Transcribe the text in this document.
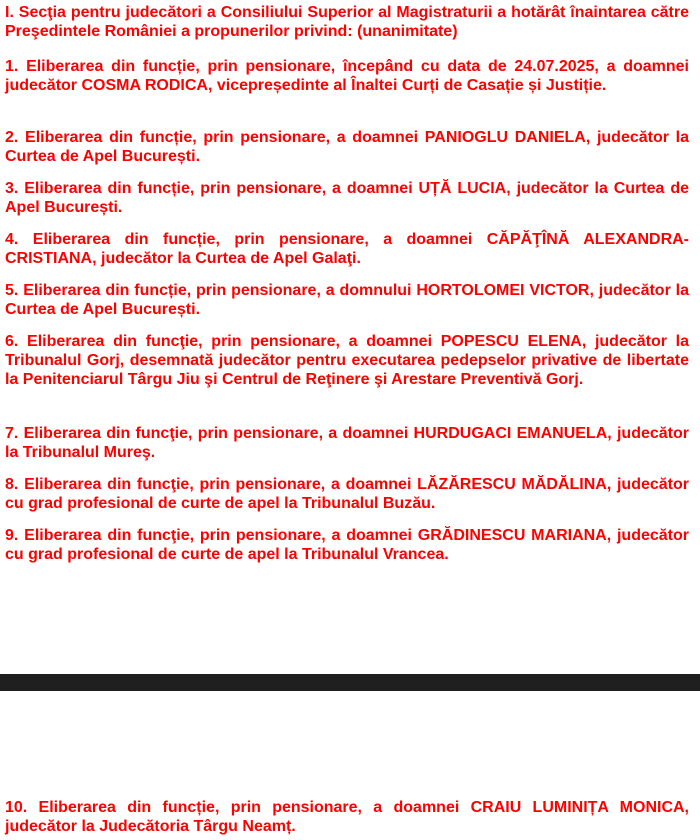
I. Secţia pentru judecători a Consiliului Superior al Magistraturii a hotărât înaintarea către Preşedintele României a propunerilor privind: (unanimitate)

1. Eliberarea din funcție, prin pensionare, începând cu data de 24.07.2025, a doamnei judecător COSMA RODICA, vicepreședinte al Înaltei Curți de Casație și Justiție.

2. Eliberarea din funcție, prin pensionare, a doamnei PANIOGLU DANIELA, judecător la Curtea de Apel București.

3. Eliberarea din funcție, prin pensionare, a doamnei UȚĂ LUCIA, judecător la Curtea de Apel București.

4. Eliberarea din funcție, prin pensionare, a doamnei CĂPĂŢÎNĂ ALEXANDRA-CRISTIANA, judecător la Curtea de Apel Galaţi.

5. Eliberarea din funcție, prin pensionare, a domnului HORTOLOMEI VICTOR, judecător la Curtea de Apel București.

6. Eliberarea din funcţie, prin pensionare, a doamnei POPESCU ELENA, judecător la Tribunalul Gorj, desemnată judecător pentru executarea pedepselor privative de libertate la Penitenciarul Târgu Jiu şi Centrul de Reţinere şi Arestare Preventivă Gorj.

7. Eliberarea din funcţie, prin pensionare, a doamnei HURDUGACI EMANUELA, judecător la Tribunalul Mureş.

8. Eliberarea din funcţie, prin pensionare, a doamnei LĂZĂRESCU MĂDĂLINA, judecător cu grad profesional de curte de apel la Tribunalul Buzău.

9. Eliberarea din funcţie, prin pensionare, a doamnei GRĂDINESCU MARIANA, judecător cu grad profesional de curte de apel la Tribunalul Vrancea.

10. Eliberarea din funcție, prin pensionare, a doamnei CRAIU LUMINIȚA MONICA, judecător la Judecătoria Târgu Neamț.
